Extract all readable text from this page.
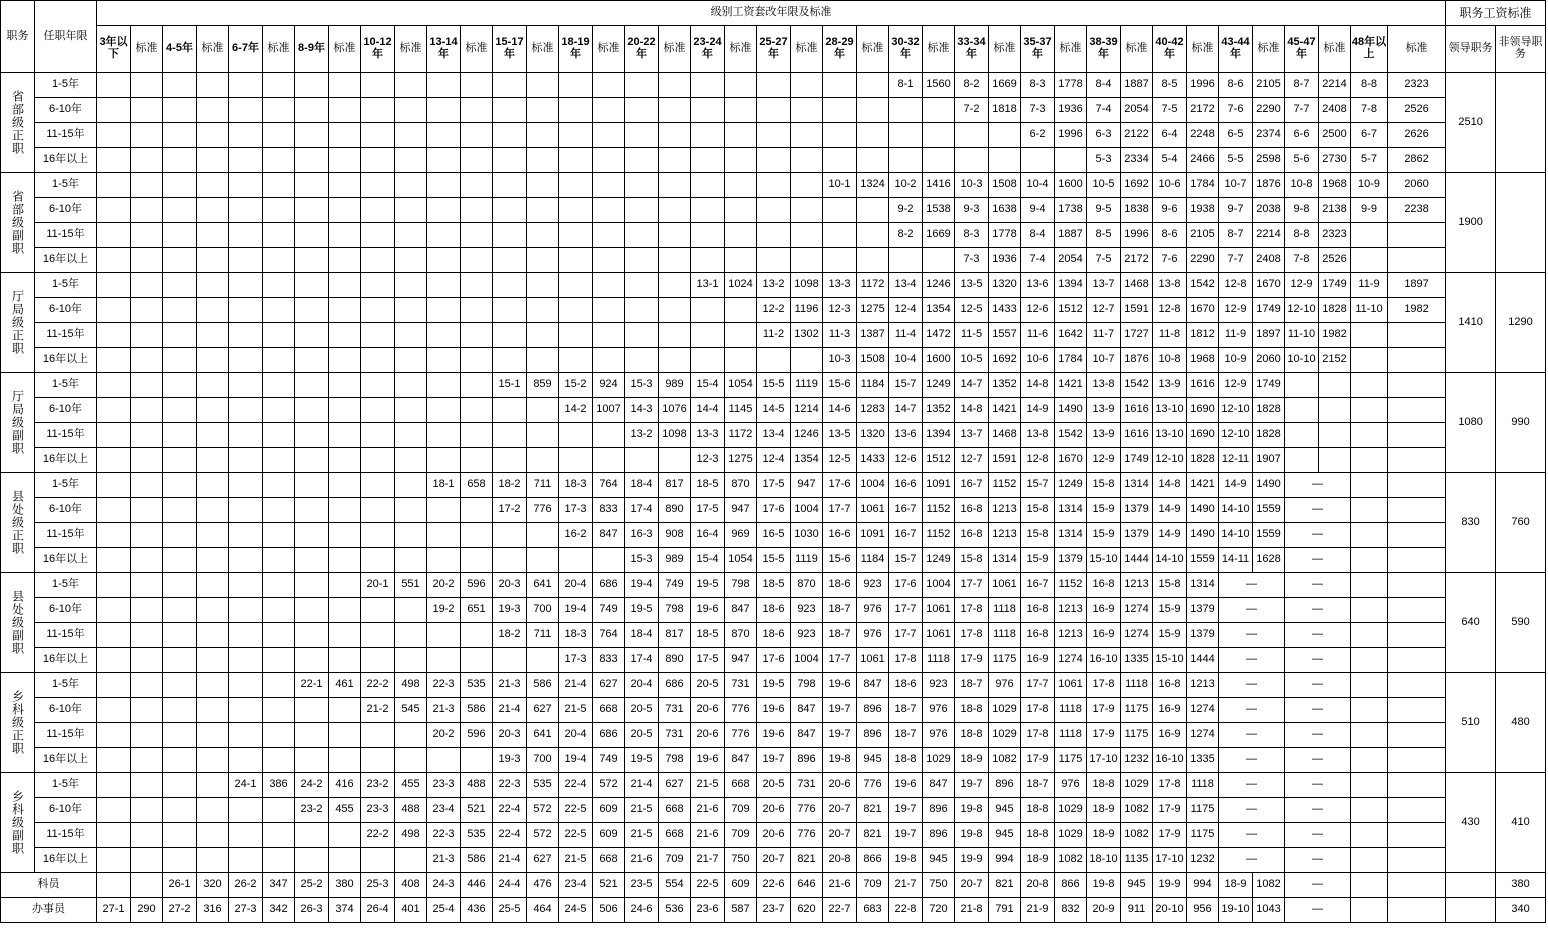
职务	任职年限	级别工资套改年限及标准																																								职务工资标准	
		3年以下	标准	4-5年	标准	6-7年	标准	8-9年	标准	10-12年	标准	13-14年	标准	15-17年	标准	18-19年	标准	20-22年	标准	23-24年	标准	25-27年	标准	28-29年	标准	30-32年	标准	33-34年	标准	35-37年	标准	38-39年	标准	40-42年	标准	43-44年	标准	45-47年	标准	48年以上	标准	领导职务	非领导职务

省部级正职	1-5年																									8-1	1560	8-2	1669	8-3	1778	8-4	1887	8-5	1996	8-6	2105	8-7	2214	8-8	2323	2510	
	6-10年																											7-2	1818	7-3	1936	7-4	2054	7-5	2172	7-6	2290	7-7	2408	7-8	2526		
	11-15年																													6-2	1996	6-3	2122	6-4	2248	6-5	2374	6-6	2500	6-7	2626		
	16年以上																															5-3	2334	5-4	2466	5-5	2598	5-6	2730	5-7	2862		

省部级副职	1-5年																							10-1	1324	10-2	1416	10-3	1508	10-4	1600	10-5	1692	10-6	1784	10-7	1876	10-8	1968	10-9	2060	1900	
	6-10年																									9-2	1538	9-3	1638	9-4	1738	9-5	1838	9-6	1938	9-7	2038	9-8	2138	9-9	2238		
	11-15年																									8-2	1669	8-3	1778	8-4	1887	8-5	1996	8-6	2105	8-7	2214	8-8	2323				
	16年以上																											7-3	1936	7-4	2054	7-5	2172	7-6	2290	7-7	2408	7-8	2526				

厅局级正职	1-5年																			13-1	1024	13-2	1098	13-3	1172	13-4	1246	13-5	1320	13-6	1394	13-7	1468	13-8	1542	12-8	1670	12-9	1749	11-9	1897	1410	1290
	6-10年																					12-2	1196	12-3	1275	12-4	1354	12-5	1433	12-6	1512	12-7	1591	12-8	1670	12-9	1749	12-10	1828	11-10	1982		
	11-15年																					11-2	1302	11-3	1387	11-4	1472	11-5	1557	11-6	1642	11-7	1727	11-8	1812	11-9	1897	11-10	1982				
	16年以上																							10-3	1508	10-4	1600	10-5	1692	10-6	1784	10-7	1876	10-8	1968	10-9	2060	10-10	2152				

厅局级副职	1-5年													15-1	859	15-2	924	15-3	989	15-4	1054	15-5	1119	15-6	1184	15-7	1249	14-7	1352	14-8	1421	13-8	1542	13-9	1616	12-9	1749					1080	990
	6-10年															14-2	1007	14-3	1076	14-4	1145	14-5	1214	14-6	1283	14-7	1352	14-8	1421	14-9	1490	13-9	1616	13-10	1690	12-10	1828						
	11-15年																	13-2	1098	13-3	1172	13-4	1246	13-5	1320	13-6	1394	13-7	1468	13-8	1542	13-9	1616	13-10	1690	12-10	1828						
	16年以上																			12-3	1275	12-4	1354	12-5	1433	12-6	1512	12-7	1591	12-8	1670	12-9	1749	12-10	1828	12-11	1907						

县处级正职	1-5年											18-1	658	18-2	711	18-3	764	18-4	817	18-5	870	17-5	947	17-6	1004	16-6	1091	16-7	1152	15-7	1249	15-8	1314	14-8	1421	14-9	1490	—				830	760
	6-10年													17-2	776	17-3	833	17-4	890	17-5	947	17-6	1004	17-7	1061	16-7	1152	16-8	1213	15-8	1314	15-9	1379	14-9	1490	14-10	1559	—					
	11-15年															16-2	847	16-3	908	16-4	969	16-5	1030	16-6	1091	16-7	1152	16-8	1213	15-8	1314	15-9	1379	14-9	1490	14-10	1559	—					
	16年以上																	15-3	989	15-4	1054	15-5	1119	15-6	1184	15-7	1249	15-8	1314	15-9	1379	15-10	1444	14-10	1559	14-11	1628	—					

县处级副职	1-5年									20-1	551	20-2	596	20-3	641	20-4	686	19-4	749	19-5	798	18-5	870	18-6	923	17-6	1004	17-7	1061	16-7	1152	16-8	1213	15-8	1314	—		—				640	590
	6-10年											19-2	651	19-3	700	19-4	749	19-5	798	19-6	847	18-6	923	18-7	976	17-7	1061	17-8	1118	16-8	1213	16-9	1274	15-9	1379	—		—					
	11-15年													18-2	711	18-3	764	18-4	817	18-5	870	18-6	923	18-7	976	17-7	1061	17-8	1118	16-8	1213	16-9	1274	15-9	1379	—		—					
	16年以上															17-3	833	17-4	890	17-5	947	17-6	1004	17-7	1061	17-8	1118	17-9	1175	16-9	1274	16-10	1335	15-10	1444	—		—					

乡科级正职	1-5年							22-1	461	22-2	498	22-3	535	21-3	586	21-4	627	20-4	686	20-5	731	19-5	798	19-6	847	18-6	923	18-7	976	17-7	1061	17-8	1118	16-8	1213	—		—				510	480
	6-10年									21-2	545	21-3	586	21-4	627	21-5	668	20-5	731	20-6	776	19-6	847	19-7	896	18-7	976	18-8	1029	17-8	1118	17-9	1175	16-9	1274	—		—					
	11-15年											20-2	596	20-3	641	20-4	686	20-5	731	20-6	776	19-6	847	19-7	896	18-7	976	18-8	1029	17-8	1118	17-9	1175	16-9	1274	—		—					
	16年以上													19-3	700	19-4	749	19-5	798	19-6	847	19-7	896	19-8	945	18-8	1029	18-9	1082	17-9	1175	17-10	1232	16-10	1335	—		—					

乡科级副职	1-5年					24-1	386	24-2	416	23-2	455	23-3	488	22-3	535	22-4	572	21-4	627	21-5	668	20-5	731	20-6	776	19-6	847	19-7	896	18-7	976	18-8	1029	17-8	1118	—		—				430	410
	6-10年							23-2	455	23-3	488	23-4	521	22-4	572	22-5	609	21-5	668	21-6	709	20-6	776	20-7	821	19-7	896	19-8	945	18-8	1029	18-9	1082	17-9	1175	—		—					
	11-15年									22-2	498	22-3	535	22-4	572	22-5	609	21-5	668	21-6	709	20-6	776	20-7	821	19-7	896	19-8	945	18-8	1029	18-9	1082	17-9	1175	—		—					
	16年以上											21-3	586	21-4	627	21-5	668	21-6	709	21-7	750	20-7	821	20-8	866	19-8	945	19-9	994	18-9	1082	18-10	1135	17-10	1232	—		—					
科员				26-1	320	26-2	347	25-2	380	25-3	408	24-3	446	24-4	476	23-4	521	23-5	554	22-5	609	22-6	646	21-6	709	21-7	750	20-7	821	20-8	866	19-8	945	19-9	994	18-9	1082	—					380
办事员		27-1	290	27-2	316	27-3	342	26-3	374	26-4	401	25-4	436	25-5	464	24-5	506	24-6	536	23-6	587	23-7	620	22-7	683	22-8	720	21-8	791	21-9	832	20-9	911	20-10	956	19-10	1043	—					340
